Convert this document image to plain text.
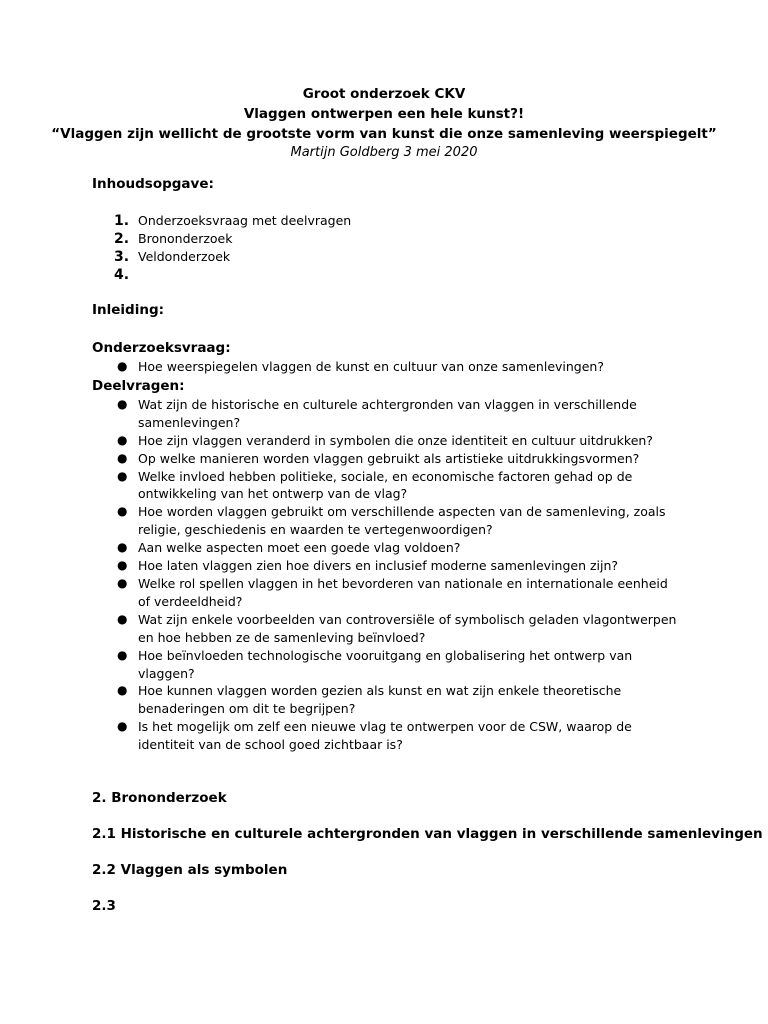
Groot onderzoek CKV
Vlaggen ontwerpen een hele kunst?!
“Vlaggen zijn wellicht de grootste vorm van kunst die onze samenleving weerspiegelt”
Martijn Goldberg 3 mei 2020
Inhoudsopgave:
1. Onderzoeksvraag met deelvragen
2. Brononderzoek
3. Veldonderzoek
4.

Inleiding:
Onderzoeksvraag:
● Hoe weerspiegelen vlaggen de kunst en cultuur van onze samenlevingen?
Deelvragen:
● Wat zijn de historische en culturele achtergronden van vlaggen in verschillende samenlevingen?
● Hoe zijn vlaggen veranderd in symbolen die onze identiteit en cultuur uitdrukken?
● Op welke manieren worden vlaggen gebruikt als artistieke uitdrukkingsvormen?
● Welke invloed hebben politieke, sociale, en economische factoren gehad op de ontwikkeling van het ontwerp van de vlag?
● Hoe worden vlaggen gebruikt om verschillende aspecten van de samenleving, zoals religie, geschiedenis en waarden te vertegenwoordigen?
● Aan welke aspecten moet een goede vlag voldoen?
● Hoe laten vlaggen zien hoe divers en inclusief moderne samenlevingen zijn?
● Welke rol spellen vlaggen in het bevorderen van nationale en internationale eenheid of verdeeldheid?
● Wat zijn enkele voorbeelden van controversiële of symbolisch geladen vlagontwerpen en hoe hebben ze de samenleving beïnvloed?
● Hoe beïnvloeden technologische vooruitgang en globalisering het ontwerp van vlaggen?
● Hoe kunnen vlaggen worden gezien als kunst en wat zijn enkele theoretische benaderingen om dit te begrijpen?
● Is het mogelijk om zelf een nieuwe vlag te ontwerpen voor de CSW, waarop de identiteit van de school goed zichtbaar is?
2. Brononderzoek
2.1 Historische en culturele achtergronden van vlaggen in verschillende samenlevingen
2.2 Vlaggen als symbolen
2.3
